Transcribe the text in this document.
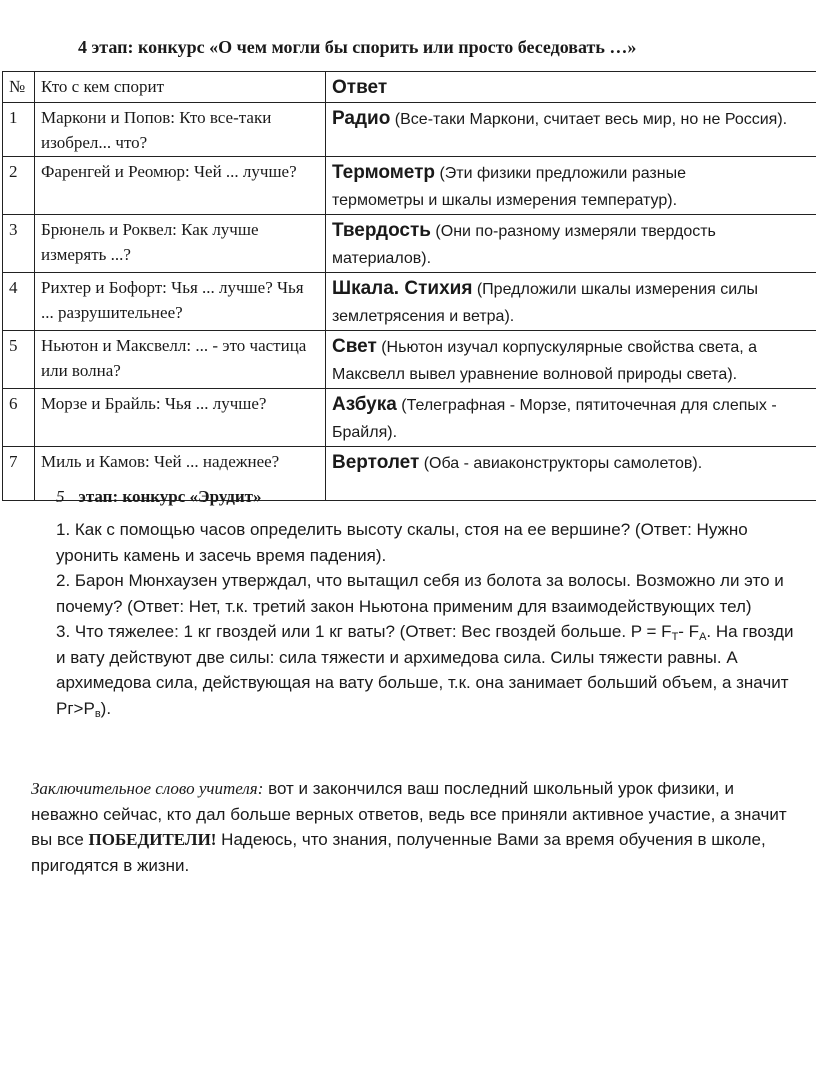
4 этап: конкурс «О чем могли бы спорить или просто беседовать …»
№	Кто с кем спорит	Ответ
1	Маркони и Попов: Кто все-таки изобрел... что?	Радио (Все-таки Маркони, считает весь мир, но не Россия).

2	Фаренгей и Реомюр: Чей ... лучше?	Термометр (Эти физики предложили разные термометры и шкалы измерения температур).

3	Брюнель и Роквел: Как лучше измерять ...?	Твердость (Они по-разному измеряли твердость материалов).

4	Рихтер и Бофорт: Чья ... лучше? Чья ... разрушительнее?	Шкала. Стихия (Предложили шкалы измерения силы землетрясения и ветра).

5	Ньютон и Максвелл: ... - это частица или волна?	Свет (Ньютон изучал корпускулярные свойства света, а Максвелл вывел уравнение волновой природы света).

6	Морзе и Брайль: Чья ... лучше?	Азбука (Телеграфная - Морзе, пятиточечная для слепых - Брайля).

7	Миль и Камов: Чей ... надежнее?	Вертолет (Оба - авиаконструкторы самолетов).
5 этап: конкурс «Эрудит»

1. Как с помощью часов определить высоту скалы, стоя на ее вершине? (Ответ: Нужно уронить камень и засечь время падения).

2. Барон Мюнхаузен утверждал, что вытащил себя из болота за волосы. Возможно ли это и почему? (Ответ: Нет, т.к. третий закон Ньютона применим для взаимодействующих тел)

3. Что тяжелее: 1 кг гвоздей или 1 кг ваты? (Ответ: Вес гвоздей больше. $P = F_Т-$ $F_A$. На гвозди и вату действуют две силы: сила тяжести и архимедова сила. Силы тяжести равны. А архимедова сила, действующая на вату больше, т.к. она занимает больший объем, а значит $Рг>Р_в$).

Заключительное слово учителя: вот и закончился ваш последний школьный урок физики, и неважно сейчас, кто дал больше верных ответов, ведь все приняли активное участие, а значит вы все ПОБЕДИТЕЛИ! Надеюсь, что знания, полученные Вами за время обучения в школе, пригодятся в жизни.
